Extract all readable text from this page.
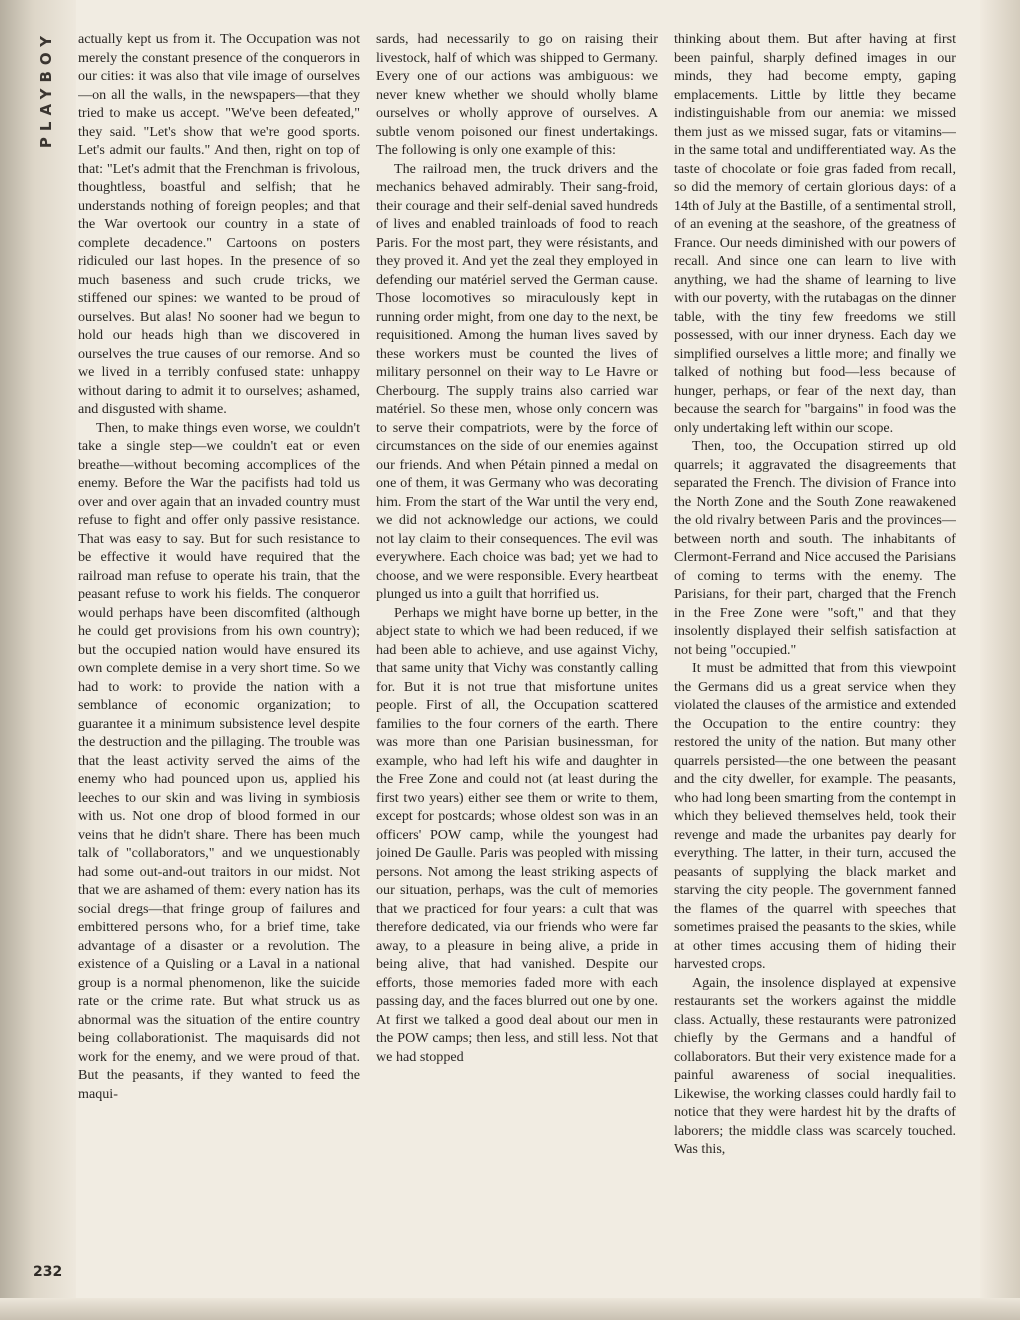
PLAYBOY
232

actually kept us from it. The Occupation was not merely the constant presence of the conquerors in our cities: it was also that vile image of ourselves—on all the walls, in the newspapers—that they tried to make us accept. "We've been defeated," they said. "Let's show that we're good sports. Let's admit our faults." And then, right on top of that: "Let's admit that the Frenchman is frivolous, thoughtless, boastful and selfish; that he understands nothing of foreign peoples; and that the War overtook our country in a state of complete decadence." Cartoons on posters ridiculed our last hopes. In the presence of so much baseness and such crude tricks, we stiffened our spines: we wanted to be proud of ourselves. But alas! No sooner had we begun to hold our heads high than we discovered in ourselves the true causes of our remorse. And so we lived in a terribly confused state: unhappy without daring to admit it to ourselves; ashamed, and disgusted with shame.

Then, to make things even worse, we couldn't take a single step—we couldn't eat or even breathe—without becoming accomplices of the enemy. Before the War the pacifists had told us over and over again that an invaded country must refuse to fight and offer only passive resistance. That was easy to say. But for such resistance to be effective it would have required that the railroad man refuse to operate his train, that the peasant refuse to work his fields. The conqueror would perhaps have been discomfited (although he could get provisions from his own country); but the occupied nation would have ensured its own complete demise in a very short time. So we had to work: to provide the nation with a semblance of economic organization; to guarantee it a minimum subsistence level despite the destruction and the pillaging. The trouble was that the least activity served the aims of the enemy who had pounced upon us, applied his leeches to our skin and was living in symbiosis with us. Not one drop of blood formed in our veins that he didn't share. There has been much talk of "collaborators," and we unquestionably had some out-and-out traitors in our midst. Not that we are ashamed of them: every nation has its social dregs—that fringe group of failures and embittered persons who, for a brief time, take advantage of a disaster or a revolution. The existence of a Quisling or a Laval in a national group is a normal phenomenon, like the suicide rate or the crime rate. But what struck us as abnormal was the situation of the entire country being collaborationist. The maquisards did not work for the enemy, and we were proud of that. But the peasants, if they wanted to feed the maqui-

sards, had necessarily to go on raising their livestock, half of which was shipped to Germany. Every one of our actions was ambiguous: we never knew whether we should wholly blame ourselves or wholly approve of ourselves. A subtle venom poisoned our finest undertakings. The following is only one example of this:

The railroad men, the truck drivers and the mechanics behaved admirably. Their sang-froid, their courage and their self-denial saved hundreds of lives and enabled trainloads of food to reach Paris. For the most part, they were résistants, and they proved it. And yet the zeal they employed in defending our matériel served the German cause. Those locomotives so miraculously kept in running order might, from one day to the next, be requisitioned. Among the human lives saved by these workers must be counted the lives of military personnel on their way to Le Havre or Cherbourg. The supply trains also carried war matériel. So these men, whose only concern was to serve their compatriots, were by the force of circumstances on the side of our enemies against our friends. And when Pétain pinned a medal on one of them, it was Germany who was decorating him. From the start of the War until the very end, we did not acknowledge our actions, we could not lay claim to their consequences. The evil was everywhere. Each choice was bad; yet we had to choose, and we were responsible. Every heartbeat plunged us into a guilt that horrified us.

Perhaps we might have borne up better, in the abject state to which we had been reduced, if we had been able to achieve, and use against Vichy, that same unity that Vichy was constantly calling for. But it is not true that misfortune unites people. First of all, the Occupation scattered families to the four corners of the earth. There was more than one Parisian businessman, for example, who had left his wife and daughter in the Free Zone and could not (at least during the first two years) either see them or write to them, except for postcards; whose oldest son was in an officers' POW camp, while the youngest had joined De Gaulle. Paris was peopled with missing persons. Not among the least striking aspects of our situation, perhaps, was the cult of memories that we practiced for four years: a cult that was therefore dedicated, via our friends who were far away, to a pleasure in being alive, a pride in being alive, that had vanished. Despite our efforts, those memories faded more with each passing day, and the faces blurred out one by one. At first we talked a good deal about our men in the POW camps; then less, and still less. Not that we had stopped

thinking about them. But after having at first been painful, sharply defined images in our minds, they had become empty, gaping emplacements. Little by little they became indistinguishable from our anemia: we missed them just as we missed sugar, fats or vitamins—in the same total and undifferentiated way. As the taste of chocolate or foie gras faded from recall, so did the memory of certain glorious days: of a 14th of July at the Bastille, of a sentimental stroll, of an evening at the seashore, of the greatness of France. Our needs diminished with our powers of recall. And since one can learn to live with anything, we had the shame of learning to live with our poverty, with the rutabagas on the dinner table, with the tiny few freedoms we still possessed, with our inner dryness. Each day we simplified ourselves a little more; and finally we talked of nothing but food—less because of hunger, perhaps, or fear of the next day, than because the search for "bargains" in food was the only undertaking left within our scope.

Then, too, the Occupation stirred up old quarrels; it aggravated the disagreements that separated the French. The division of France into the North Zone and the South Zone reawakened the old rivalry between Paris and the provinces—between north and south. The inhabitants of Clermont-Ferrand and Nice accused the Parisians of coming to terms with the enemy. The Parisians, for their part, charged that the French in the Free Zone were "soft," and that they insolently displayed their selfish satisfaction at not being "occupied."

It must be admitted that from this viewpoint the Germans did us a great service when they violated the clauses of the armistice and extended the Occupation to the entire country: they restored the unity of the nation. But many other quarrels persisted—the one between the peasant and the city dweller, for example. The peasants, who had long been smarting from the contempt in which they believed themselves held, took their revenge and made the urbanites pay dearly for everything. The latter, in their turn, accused the peasants of supplying the black market and starving the city people. The government fanned the flames of the quarrel with speeches that sometimes praised the peasants to the skies, while at other times accusing them of hiding their harvested crops.

Again, the insolence displayed at expensive restaurants set the workers against the middle class. Actually, these restaurants were patronized chiefly by the Germans and a handful of collaborators. But their very existence made for a painful awareness of social inequalities. Likewise, the working classes could hardly fail to notice that they were hardest hit by the drafts of laborers; the middle class was scarcely touched. Was this,
